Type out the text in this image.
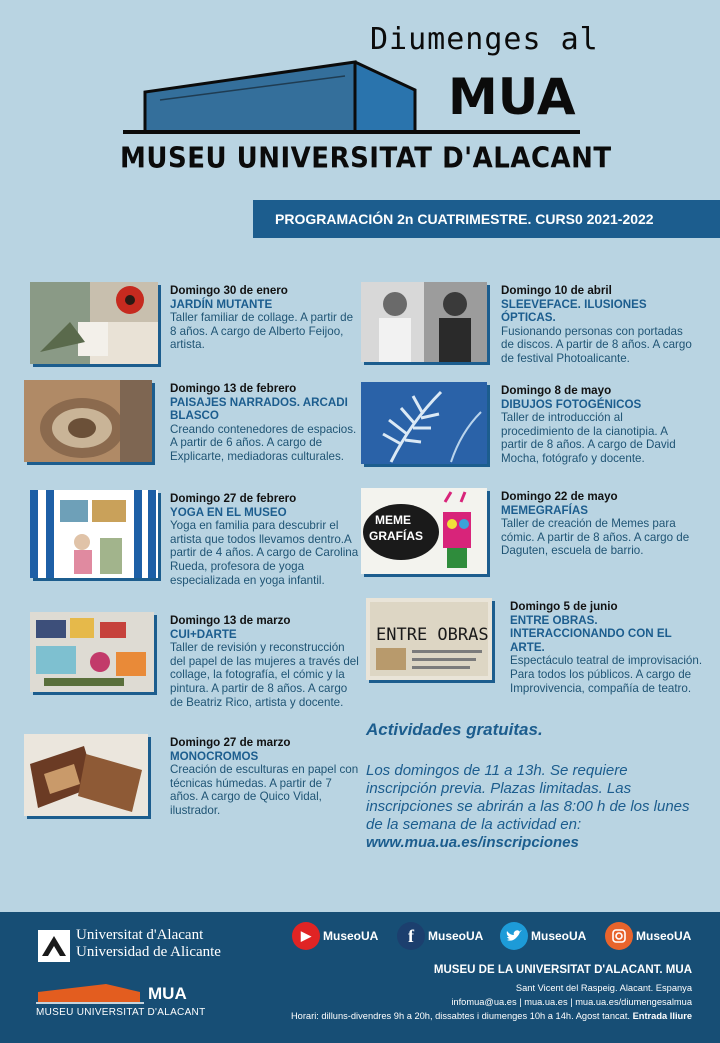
Diumenges al
MUA
MUSEU UNIVERSITAT D'ALACANT
PROGRAMACIÓN 2n CUATRIMESTRE. CURS0 2021-2022
Domingo 30 de enero
JARDÍN MUTANTE
Taller familiar de collage. A partir de 8 años. A cargo de Alberto Feijoo, artista.
Domingo 13 de febrero
PAISAJES NARRADOS. ARCADI BLASCO
Creando contenedores de espacios. A partir de 6 años. A cargo de Explicarte, mediadoras culturales.
Domingo 27 de febrero
YOGA EN EL MUSEO
Yoga en familia para descubrir el artista que todos llevamos dentro.A partir de 4 años. A cargo de Carolina Rueda, profesora de yoga especializada en yoga infantil.
Domingo 13 de marzo
CUI+DARTE
Taller de revisión y reconstrucción del papel de las mujeres a través del collage, la fotografía, el cómic y la pintura. A partir de 8 años. A cargo de Beatriz Rico, artista y docente.
Domingo 27 de marzo
MONOCROMOS
Creación de esculturas en papel con técnicas húmedas. A partir de 7 años. A cargo de Quico Vidal, ilustrador.
Domingo 10 de abril
SLEEVEFACE. ILUSIONES ÓPTICAS.
Fusionando personas con portadas de discos. A partir de 8 años. A cargo de festival Photoalicante.
Domingo 8 de mayo
DIBUJOS FOTOGÉNICOS
Taller de introducción al procedimiento de la cianotipia. A partir de 8 años. A cargo de David Mocha, fotógrafo y docente.
MEME
GRAFÍAS
Domingo 22 de mayo
MEMEGRAFÍAS
Taller de creación de Memes para cómic. A partir de 8 años. A cargo de Daguten, escuela de barrio.
ENTRE OBRAS
Domingo 5 de junio
ENTRE OBRAS. INTERACCIONANDO CON EL ARTE.
Espectáculo teatral de improvisación. Para todos los públicos. A cargo de Improvivencia, compañía de teatro.
Actividades gratuitas.
Los domingos de 11 a 13h. Se requiere inscripción previa. Plazas limitadas. Las inscripciones se abrirán a las 8:00 h de los lunes de la semana de la actividad en:
www.mua.ua.es/inscripciones
Universitat d'Alacant
Universidad de Alicante
MUA
MUSEU UNIVERSITAT D'ALACANT
▶	MuseoUA	f	MuseoUA	MuseoUA	MuseoUA
MUSEU DE LA UNIVERSITAT D'ALACANT. MUA
Sant Vicent del Raspeig. Alacant. Espanya
infomua@ua.es | mua.ua.es | mua.ua.es/diumengesalmua
Horari: dilluns-divendres 9h a 20h, dissabtes i diumenges 10h a 14h. Agost tancat. Entrada lliure
